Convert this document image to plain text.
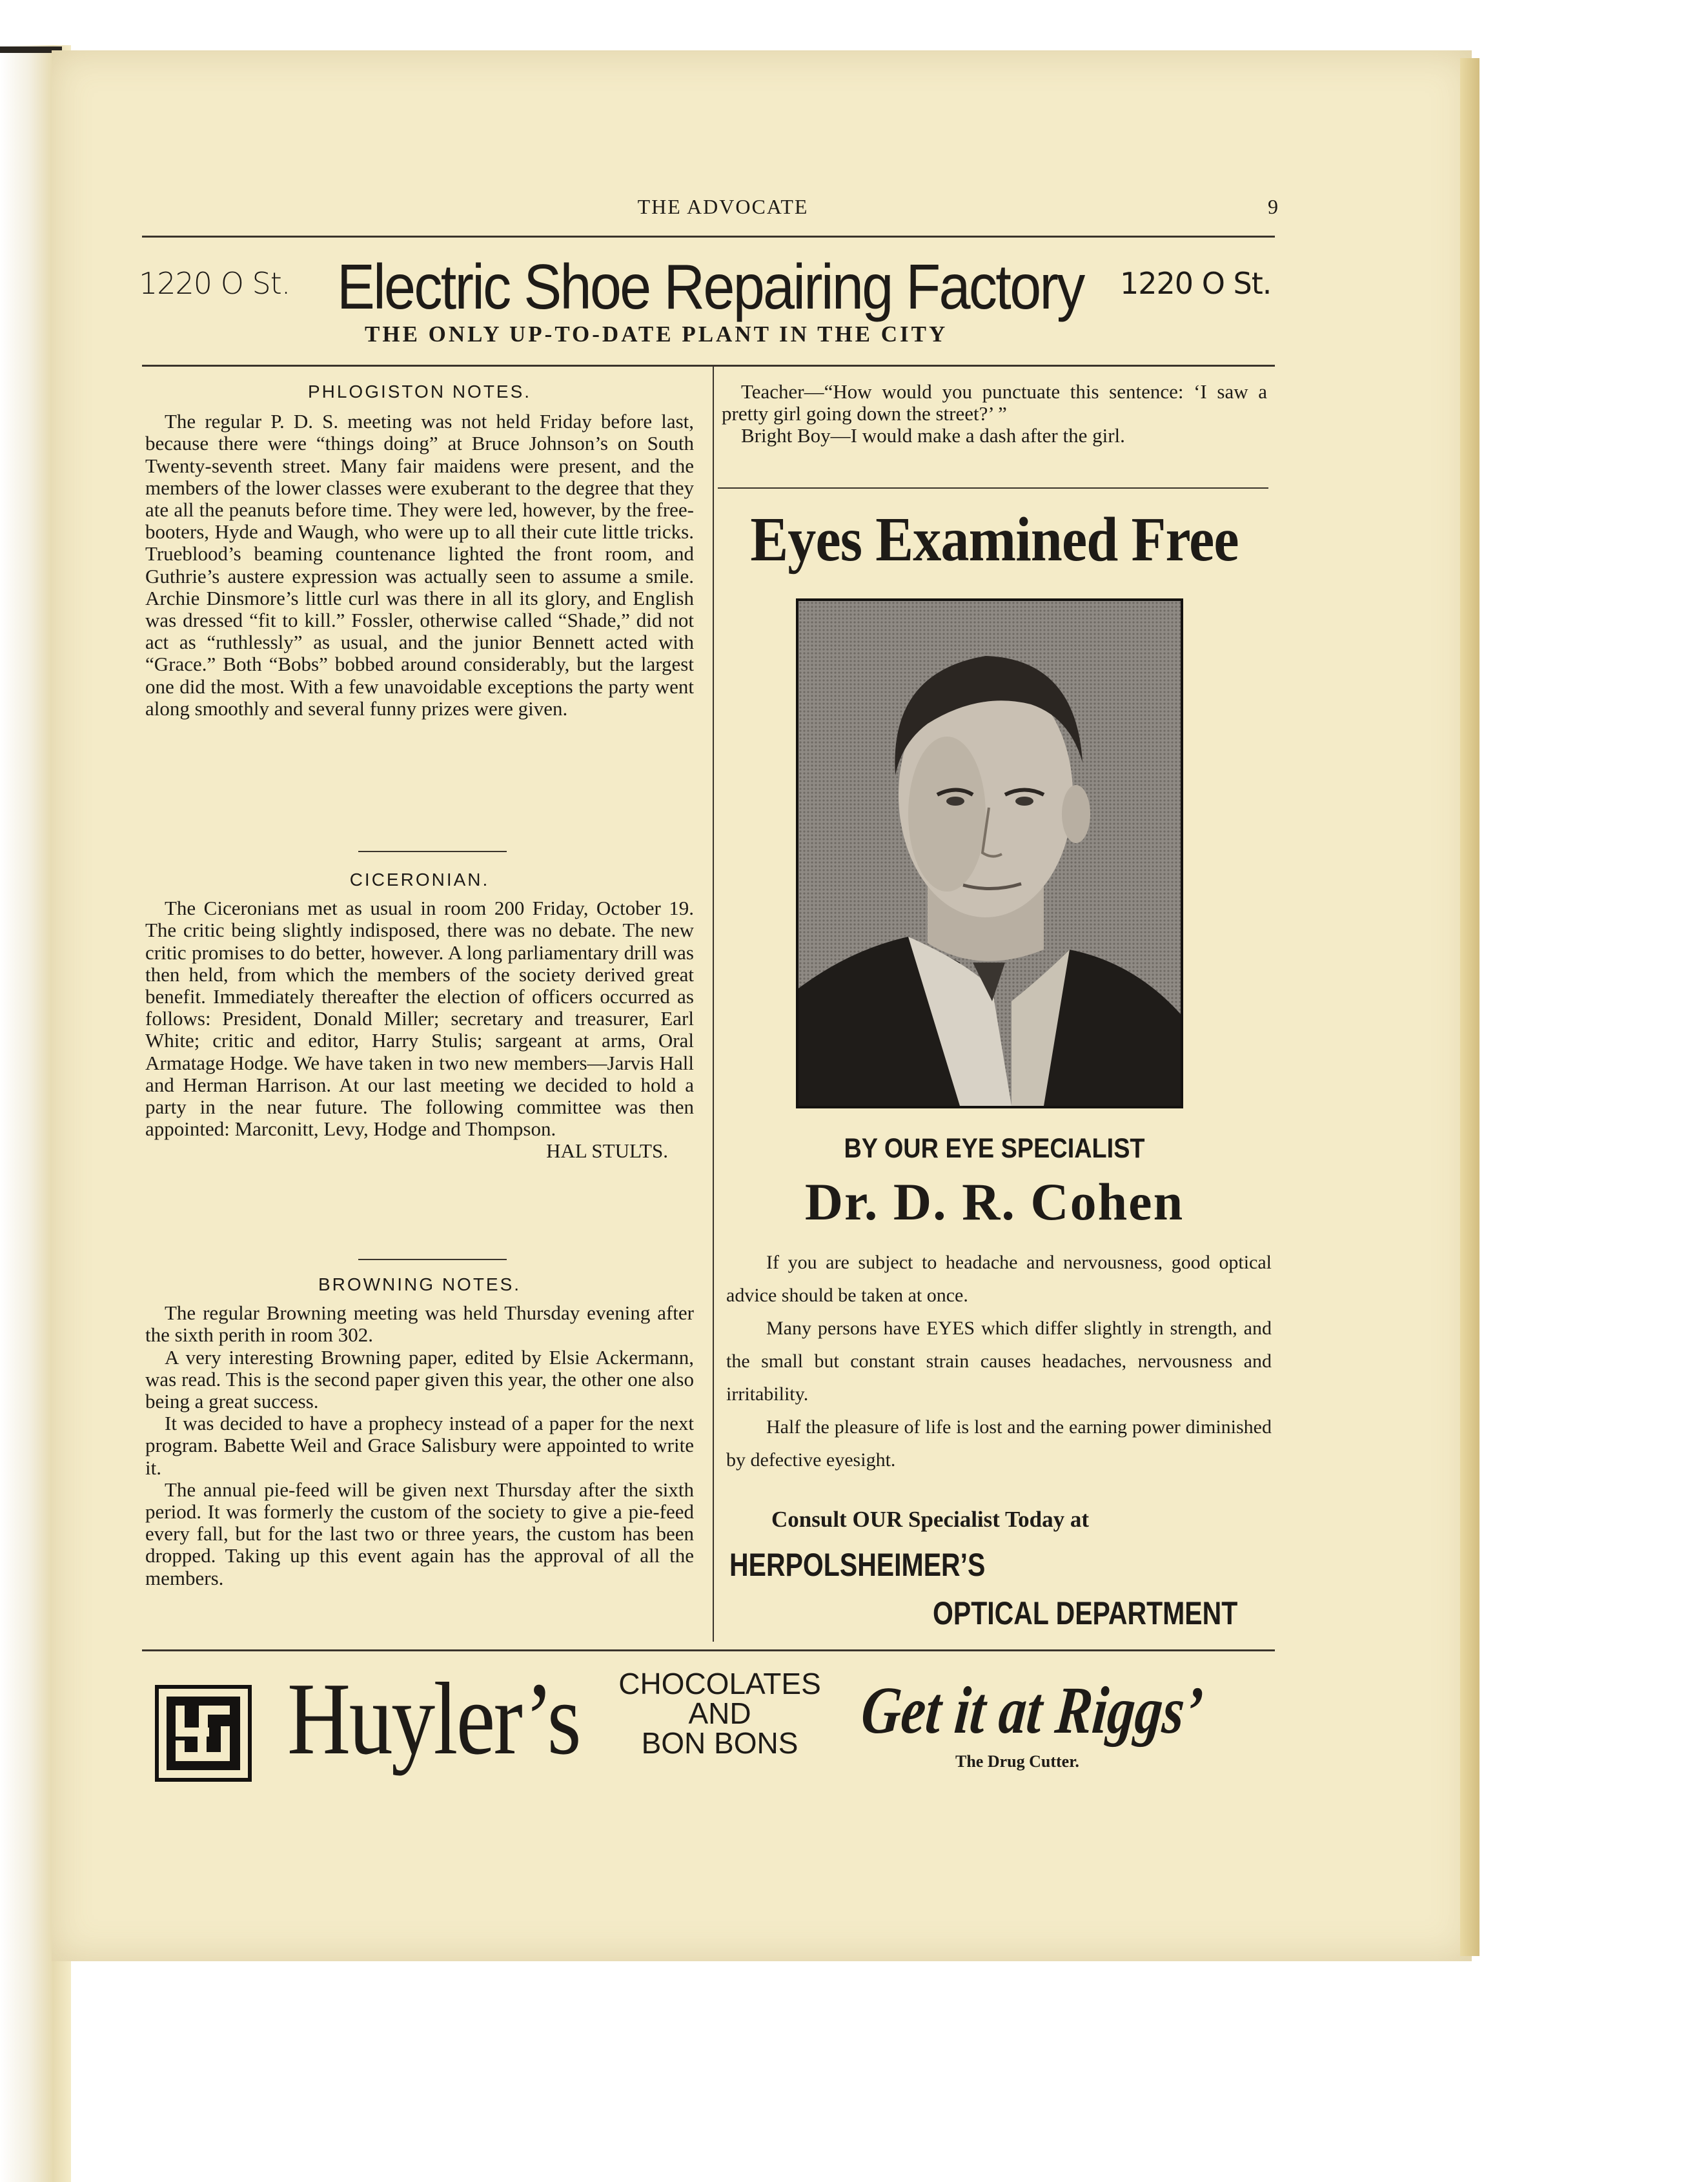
THE ADVOCATE	9
1220 O St. Electric Shoe Repairing Factory 1220 O St.
THE ONLY UP-TO-DATE PLANT IN THE CITY
PHLOGISTON NOTES.

The regular P. D. S. meeting was not held Friday before last, because there were “things doing” at Bruce Johnson’s on South Twenty-seventh street. Many fair maidens were present, and the members of the lower classes were exuberant to the degree that they ate all the peanuts before time. They were led, however, by the free-booters, Hyde and Waugh, who were up to all their cute little tricks. Trueblood’s beaming countenance lighted the front room, and Guthrie’s austere expression was actually seen to assume a smile. Archie Dinsmore’s little curl was there in all its glory, and English was dressed “fit to kill.” Fossler, otherwise called “Shade,” did not act as “ruthlessly” as usual, and the junior Bennett acted with “Grace.” Both “Bobs” bobbed around considerably, but the largest one did the most. With a few unavoidable exceptions the party went along smoothly and several funny prizes were given.

CICERONIAN.

The Ciceronians met as usual in room 200 Friday, October 19. The critic being slightly indisposed, there was no debate. The new critic promises to do better, however. A long parliamentary drill was then held, from which the members of the society derived great benefit. Immediately thereafter the election of officers occurred as follows: President, Donald Miller; secretary and treasurer, Earl White; critic and editor, Harry Stulis; sargeant at arms, Oral Armatage Hodge. We have taken in two new members—Jarvis Hall and Herman Harrison. At our last meeting we decided to hold a party in the near future. The following committee was then appointed: Marconitt, Levy, Hodge and Thompson.

HAL STULTS.
BROWNING NOTES.

The regular Browning meeting was held Thursday evening after the sixth perith in room 302.

A very interesting Browning paper, edited by Elsie Ackermann, was read. This is the second paper given this year, the other one also being a great success.

It was decided to have a prophecy instead of a paper for the next program. Babette Weil and Grace Salisbury were appointed to write it.

The annual pie-feed will be given next Thursday after the sixth period. It was formerly the custom of the society to give a pie-feed every fall, but for the last two or three years, the custom has been dropped. Taking up this event again has the approval of all the members.

Teacher—“How would you punctuate this sentence: ‘I saw a pretty girl going down the street?’ ”

Bright Boy—I would make a dash after the girl.

Eyes Examined Free
BY OUR EYE SPECIALIST
Dr. D. R. Cohen

If you are subject to headache and nervousness, good optical advice should be taken at once.

Many persons have EYES which differ slightly in strength, and the small but constant strain causes headaches, nervousness and irritability.

Half the pleasure of life is lost and the earning power diminished by defective eyesight.

Consult OUR Specialist Today at
HERPOLSHEIMER’S
OPTICAL DEPARTMENT
Huyler’s	CHOCOLATES
AND
BON BONS Get it at Riggs’
The Drug Cutter.
